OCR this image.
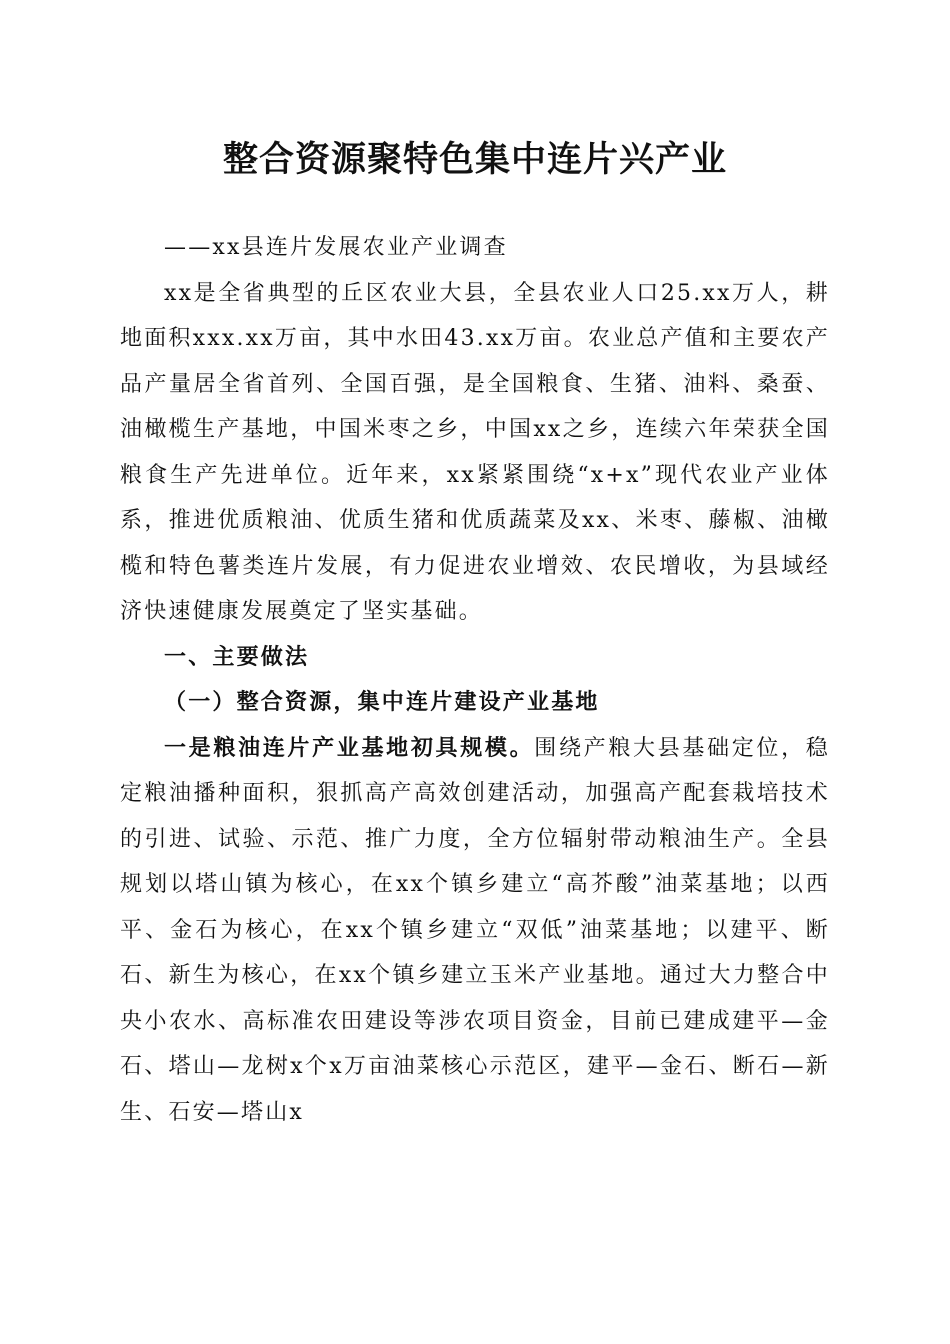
整合资源聚特色集中连片兴产业

——xx县连片发展农业产业调查

xx是全省典型的丘区农业大县，全县农业人口25.xx万人，耕地面积xxx.xx万亩，其中水田43.xx万亩。农业总产值和主要农产品产量居全省首列、全国百强，是全国粮食、生猪、油料、桑蚕、油橄榄生产基地，中国米枣之乡，中国xx之乡，连续六年荣获全国粮食生产先进单位。近年来，xx紧紧围绕“x+x”现代农业产业体系，推进优质粮油、优质生猪和优质蔬菜及xx、米枣、藤椒、油橄榄和特色薯类连片发展，有力促进农业增效、农民增收，为县域经济快速健康发展奠定了坚实基础。

一、主要做法

（一）整合资源，集中连片建设产业基地

一是粮油连片产业基地初具规模。围绕产粮大县基础定位，稳定粮油播种面积，狠抓高产高效创建活动，加强高产配套栽培技术的引进、试验、示范、推广力度，全方位辐射带动粮油生产。全县规划以塔山镇为核心，在xx个镇乡建立“高芥酸”油菜基地；以西平、金石为核心，在xx个镇乡建立“双低”油菜基地；以建平、断石、新生为核心，在xx个镇乡建立玉米产业基地。通过大力整合中央小农水、高标准农田建设等涉农项目资金，目前已建成建平—金石、塔山—龙树x个x万亩油菜核心示范区，建平—金石、断石—新生、石安—塔山x
